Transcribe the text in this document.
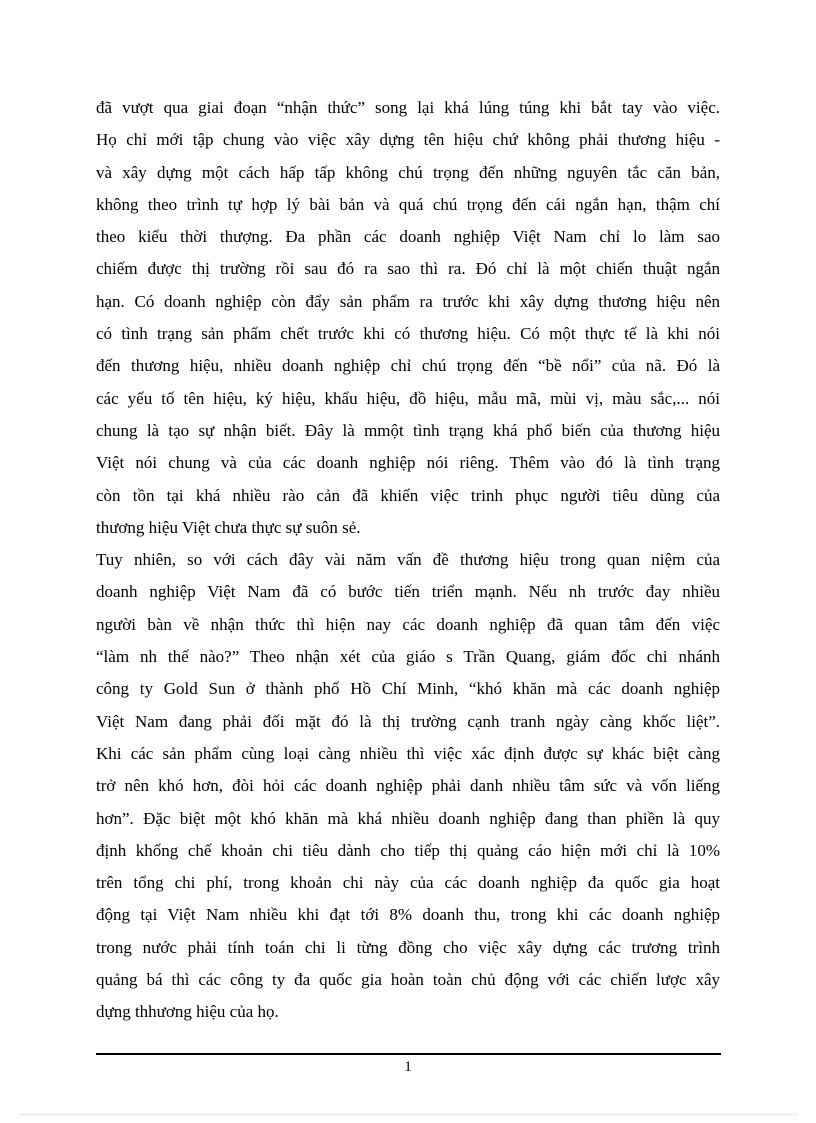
đã vượt qua giai đoạn “nhận thức” song lại khá lúng túng khi bắt tay vào việc.
Họ chỉ mới tập chung vào việc xây dựng tên hiệu chứ không phải thương hiệu -
và xây dựng một cách hấp tấp không chú trọng đến những nguyên tắc căn bản,
không theo trình tự hợp lý bài bản và quá chú trọng đến cái ngắn hạn, thậm chí
theo kiểu thời thượng. Đa phần các doanh nghiệp Việt Nam chỉ lo làm sao
chiếm được thị trường rồi sau đó ra sao thì ra. Đó chỉ là một chiến thuật ngắn
hạn. Có doanh nghiệp còn đẩy sản phẩm ra trước khi xây dựng thương hiệu nên
có tình trạng sản phẩm chết trước khi có thương hiệu. Có một thực tế là khi nói
đến thương hiệu, nhiều doanh nghiệp chỉ chú trọng đến “bề nổi” của nã. Đó là
các yếu tố tên hiệu, ký hiệu, khẩu hiệu, đồ hiệu, mẫu mã, mùi vị, màu sắc,... nói
chung là tạo sự nhận biết. Đây là mmột tình trạng khá phổ biến của thương hiệu
Việt nói chung và của các doanh nghiệp nói riêng. Thêm vào đó là tình trạng
còn tồn tại khá nhiều rào cản đã khiến việc trinh phục người tiêu dùng của
thương hiệu Việt chưa thực sự suôn sẻ.
Tuy nhiên, so với cách đây vài năm vấn đề thương hiệu trong quan niệm của
doanh nghiệp Việt Nam đã có bước tiến triển mạnh. Nếu nh trước đay nhiều
người bàn về nhận thức thì hiện nay các doanh nghiệp đã quan tâm đến việc
“làm nh thế nào?” Theo nhận xét của giáo s Trần Quang, giám đốc chi nhánh
công ty Gold Sun ở thành phố Hồ Chí Minh, “khó khăn mà các doanh nghiệp
Việt Nam đang phải đối mặt đó là thị trường cạnh tranh ngày càng khốc liệt”.
Khi các sản phẩm cùng loại càng nhiều thì việc xác định được sự khác biệt càng
trở nên khó hơn, đòi hỏi các doanh nghiệp phải danh nhiều tâm sức và vốn liếng
hơn”. Đặc biệt một khó khăn mà khá nhiều doanh nghiệp đang than phiền là quy
định khống chế khoản chi tiêu dành cho tiếp thị quảng cáo hiện mới chỉ là 10%
trên tổng chi phí, trong khoản chi này của các doanh nghiệp đa quốc gia hoạt
động tại Việt Nam nhiều khi đạt tới 8% doanh thu, trong khi các doanh nghiệp
trong nước phải tính toán chi li từng đồng cho việc xây dựng các trương trình
quảng bá thì các công ty đa quốc gia hoàn toàn chủ động với các chiến lược xây
dựng thhương hiệu của họ.
1
